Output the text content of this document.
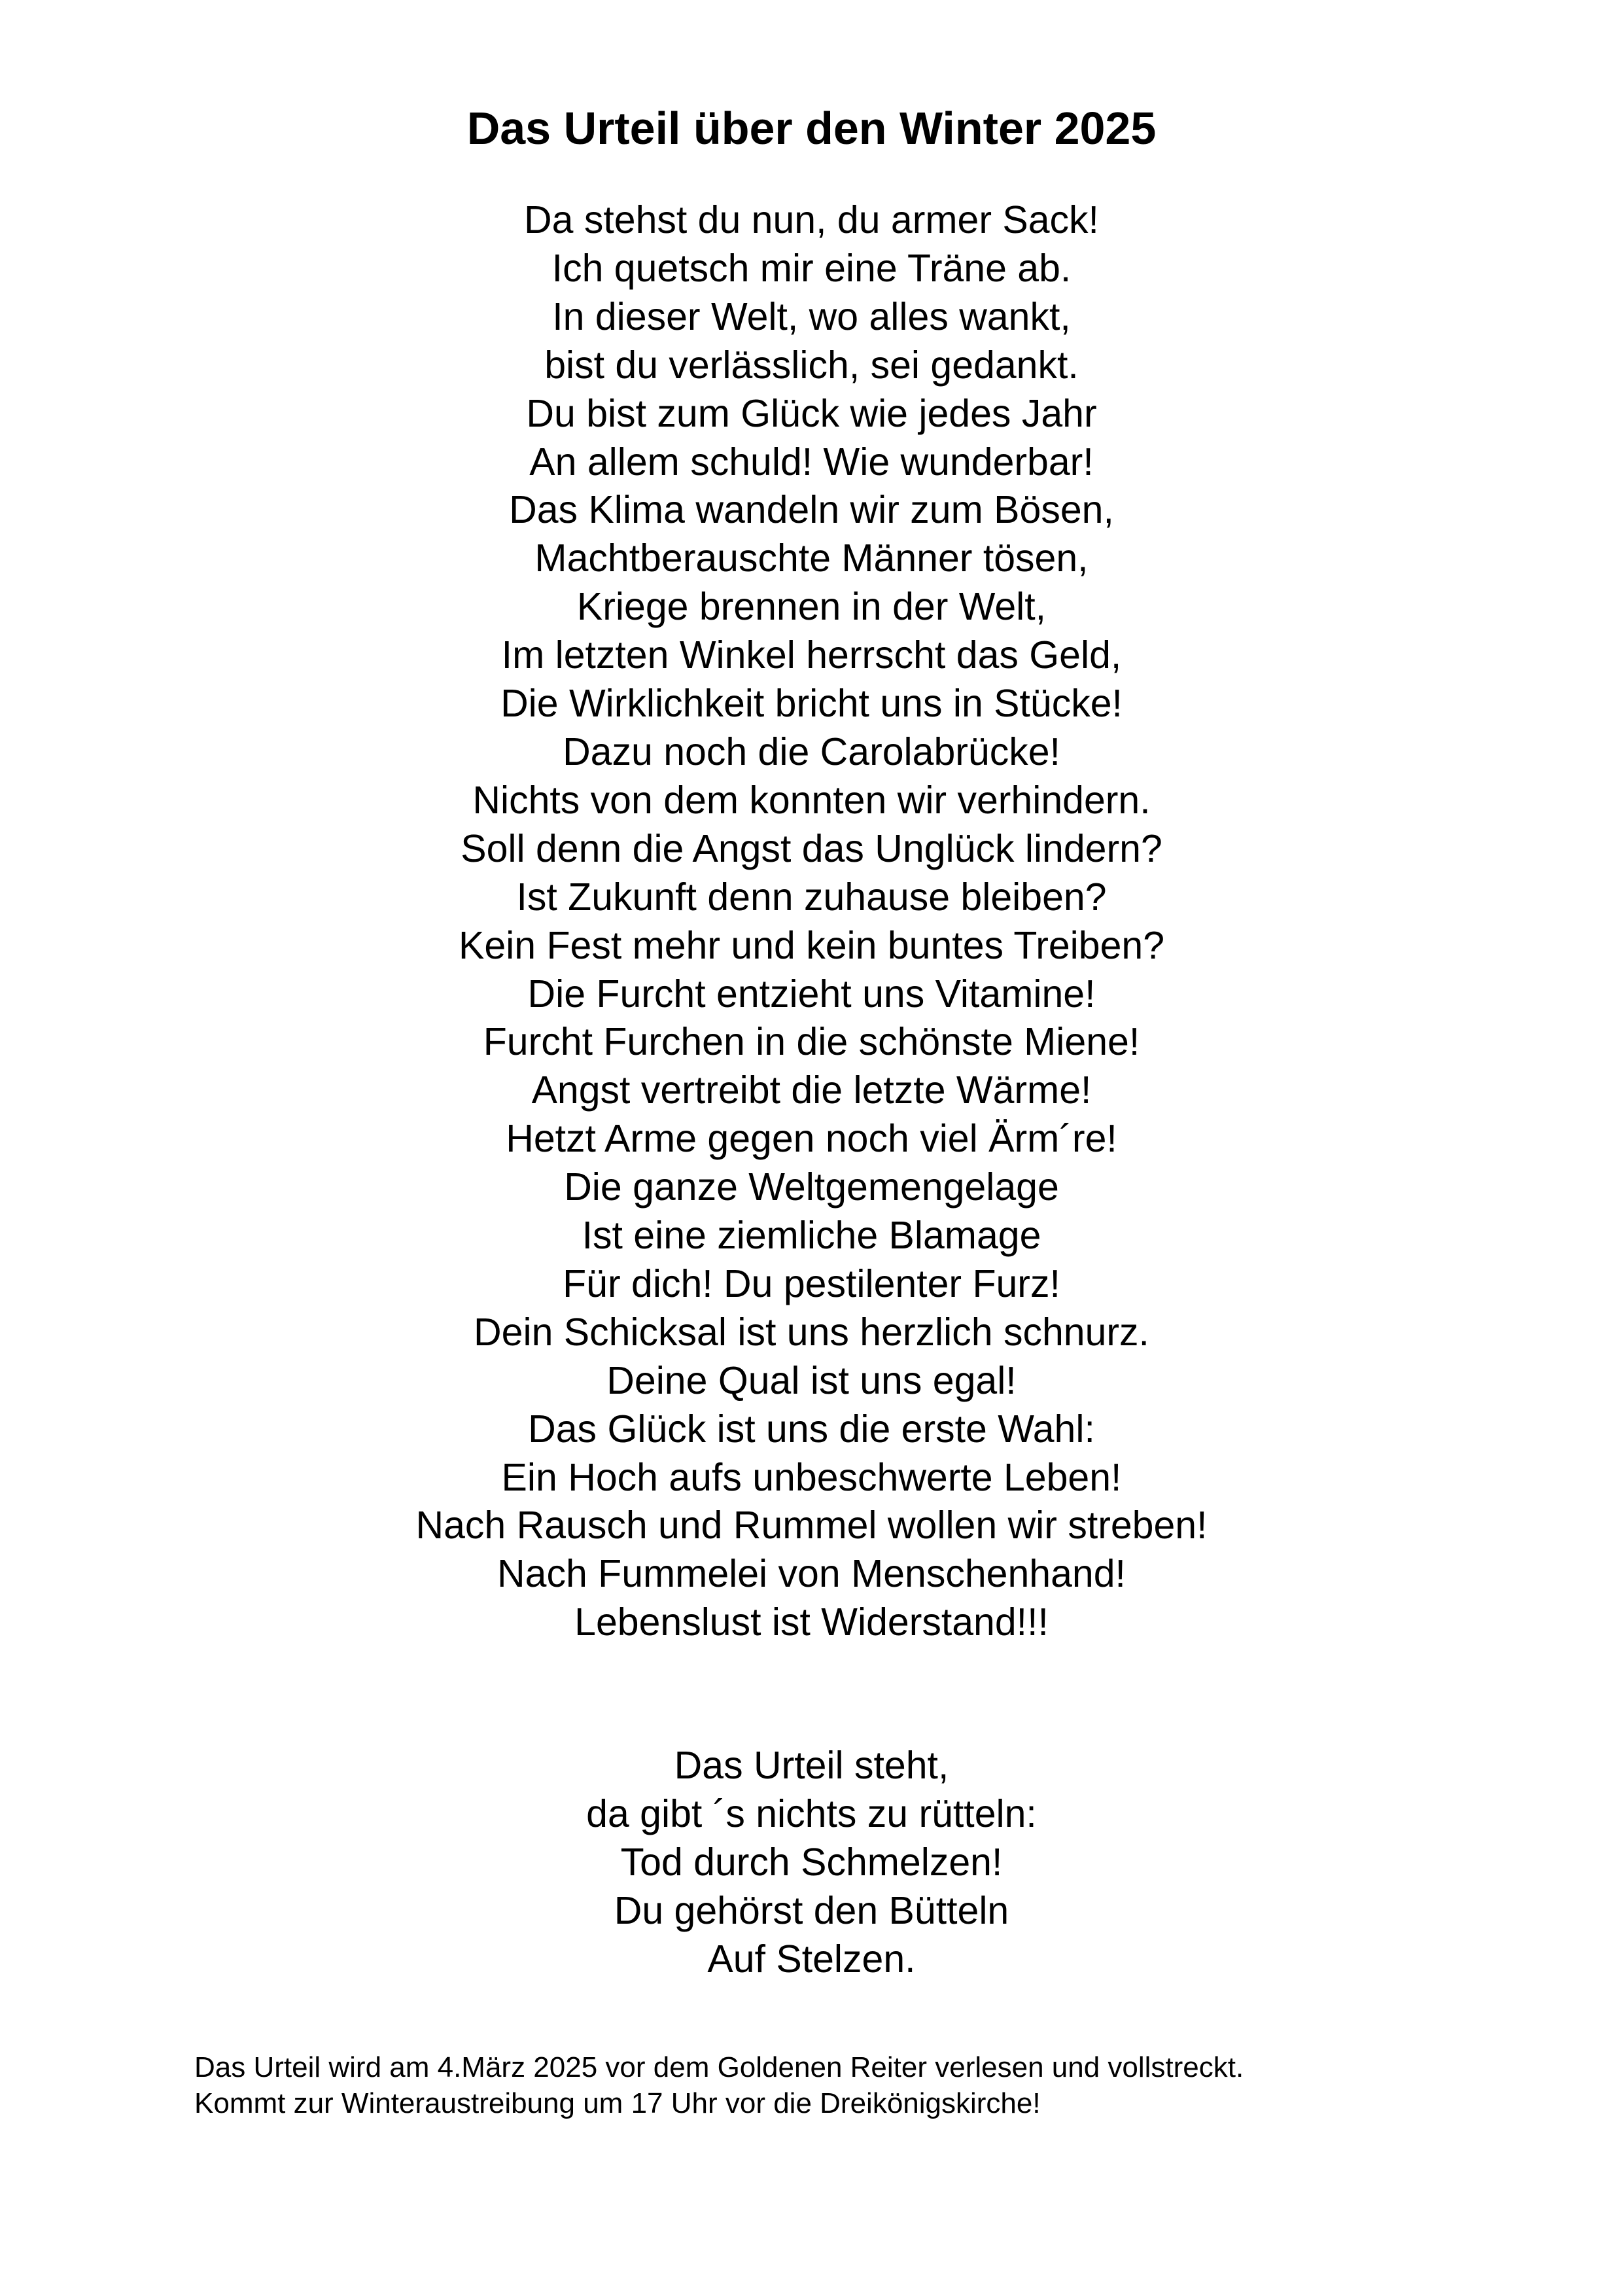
Das Urteil über den Winter 2025
Da stehst du nun, du armer Sack!
Ich quetsch mir eine Träne ab.
In dieser Welt, wo alles wankt,
bist du verlässlich, sei gedankt.
Du bist zum Glück wie jedes Jahr
An allem schuld! Wie wunderbar!
Das Klima wandeln wir zum Bösen,
Machtberauschte Männer tösen,
Kriege brennen in der Welt,
Im letzten Winkel herrscht das Geld,
Die Wirklichkeit bricht uns in Stücke!
Dazu noch die Carolabrücke!
Nichts von dem konnten wir verhindern.
Soll denn die Angst das Unglück lindern?
Ist Zukunft denn zuhause bleiben?
Kein Fest mehr und kein buntes Treiben?
Die Furcht entzieht uns Vitamine!
Furcht Furchen in die schönste Miene!
Angst vertreibt die letzte Wärme!
Hetzt Arme gegen noch viel Ärm´re!
Die ganze Weltgemengelage
Ist eine ziemliche Blamage
Für dich! Du pestilenter Furz!
Dein Schicksal ist uns herzlich schnurz.
Deine Qual ist uns egal!
Das Glück ist uns die erste Wahl:
Ein Hoch aufs unbeschwerte Leben!
Nach Rausch und Rummel wollen wir streben!
Nach Fummelei von Menschenhand!
Lebenslust ist Widerstand!!!
Das Urteil steht,
da gibt ´s nichts zu rütteln:
Tod durch Schmelzen!
Du gehörst den Bütteln
Auf Stelzen.
Das Urteil wird am 4.März 2025 vor dem Goldenen Reiter verlesen und vollstreckt.
Kommt zur Winteraustreibung um 17 Uhr vor die Dreikönigskirche!
